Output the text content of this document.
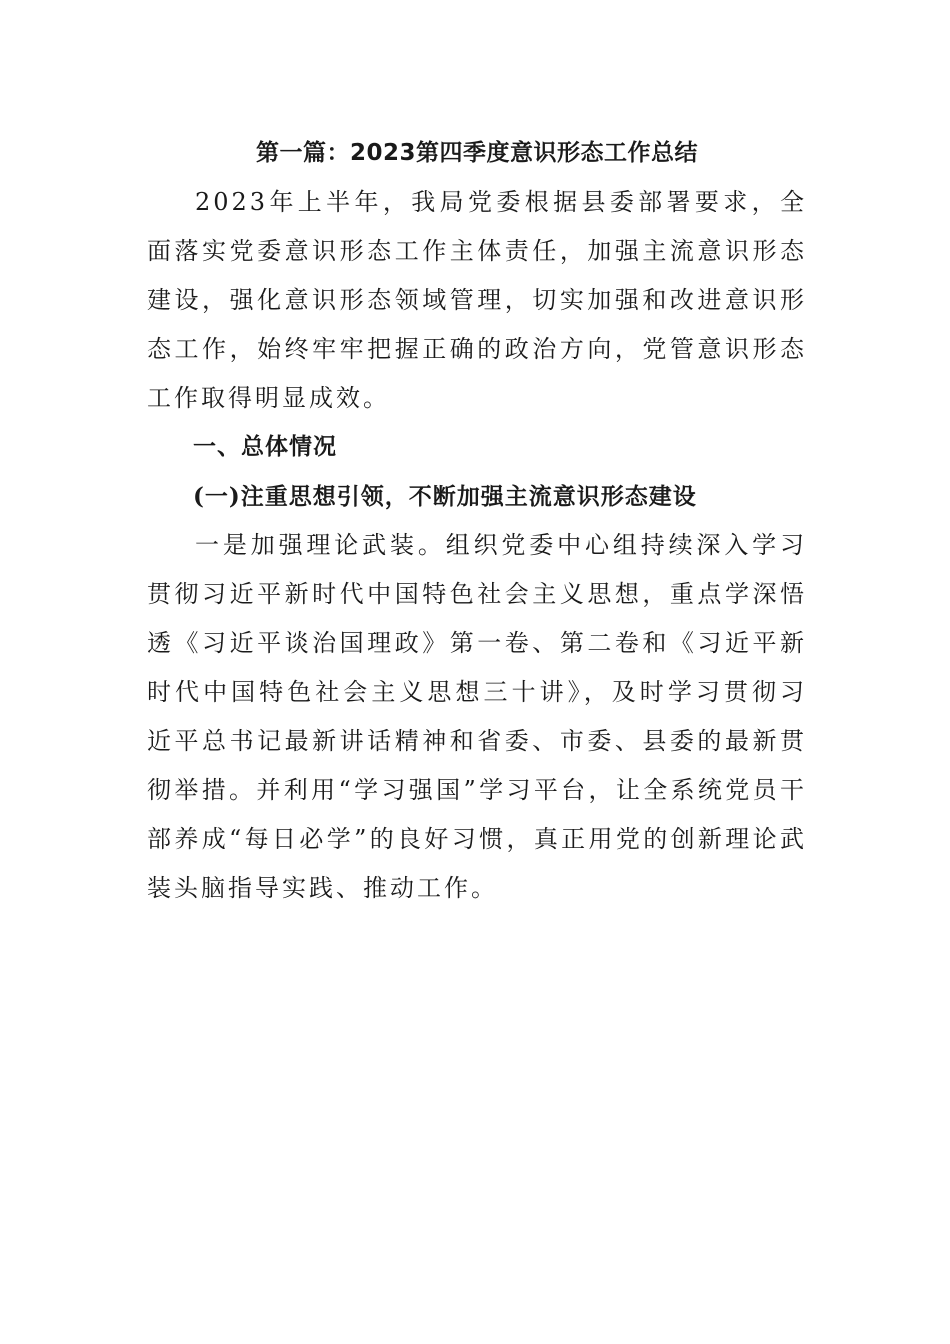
第一篇：2023第四季度意识形态工作总结

2023年上半年，我局党委根据县委部署要求，全面落实党委意识形态工作主体责任，加强主流意识形态建设，强化意识形态领域管理，切实加强和改进意识形态工作，始终牢牢把握正确的政治方向，党管意识形态工作取得明显成效。

一、总体情况
(一)注重思想引领，不断加强主流意识形态建设

一是加强理论武装。组织党委中心组持续深入学习贯彻习近平新时代中国特色社会主义思想，重点学深悟透《习近平谈治国理政》第一卷、第二卷和《习近平新时代中国特色社会主义思想三十讲》，及时学习贯彻习近平总书记最新讲话精神和省委、市委、县委的最新贯彻举措。并利用“学习强国”学习平台，让全系统党员干部养成“每日必学”的良好习惯，真正用党的创新理论武装头脑指导实践、推动工作。
